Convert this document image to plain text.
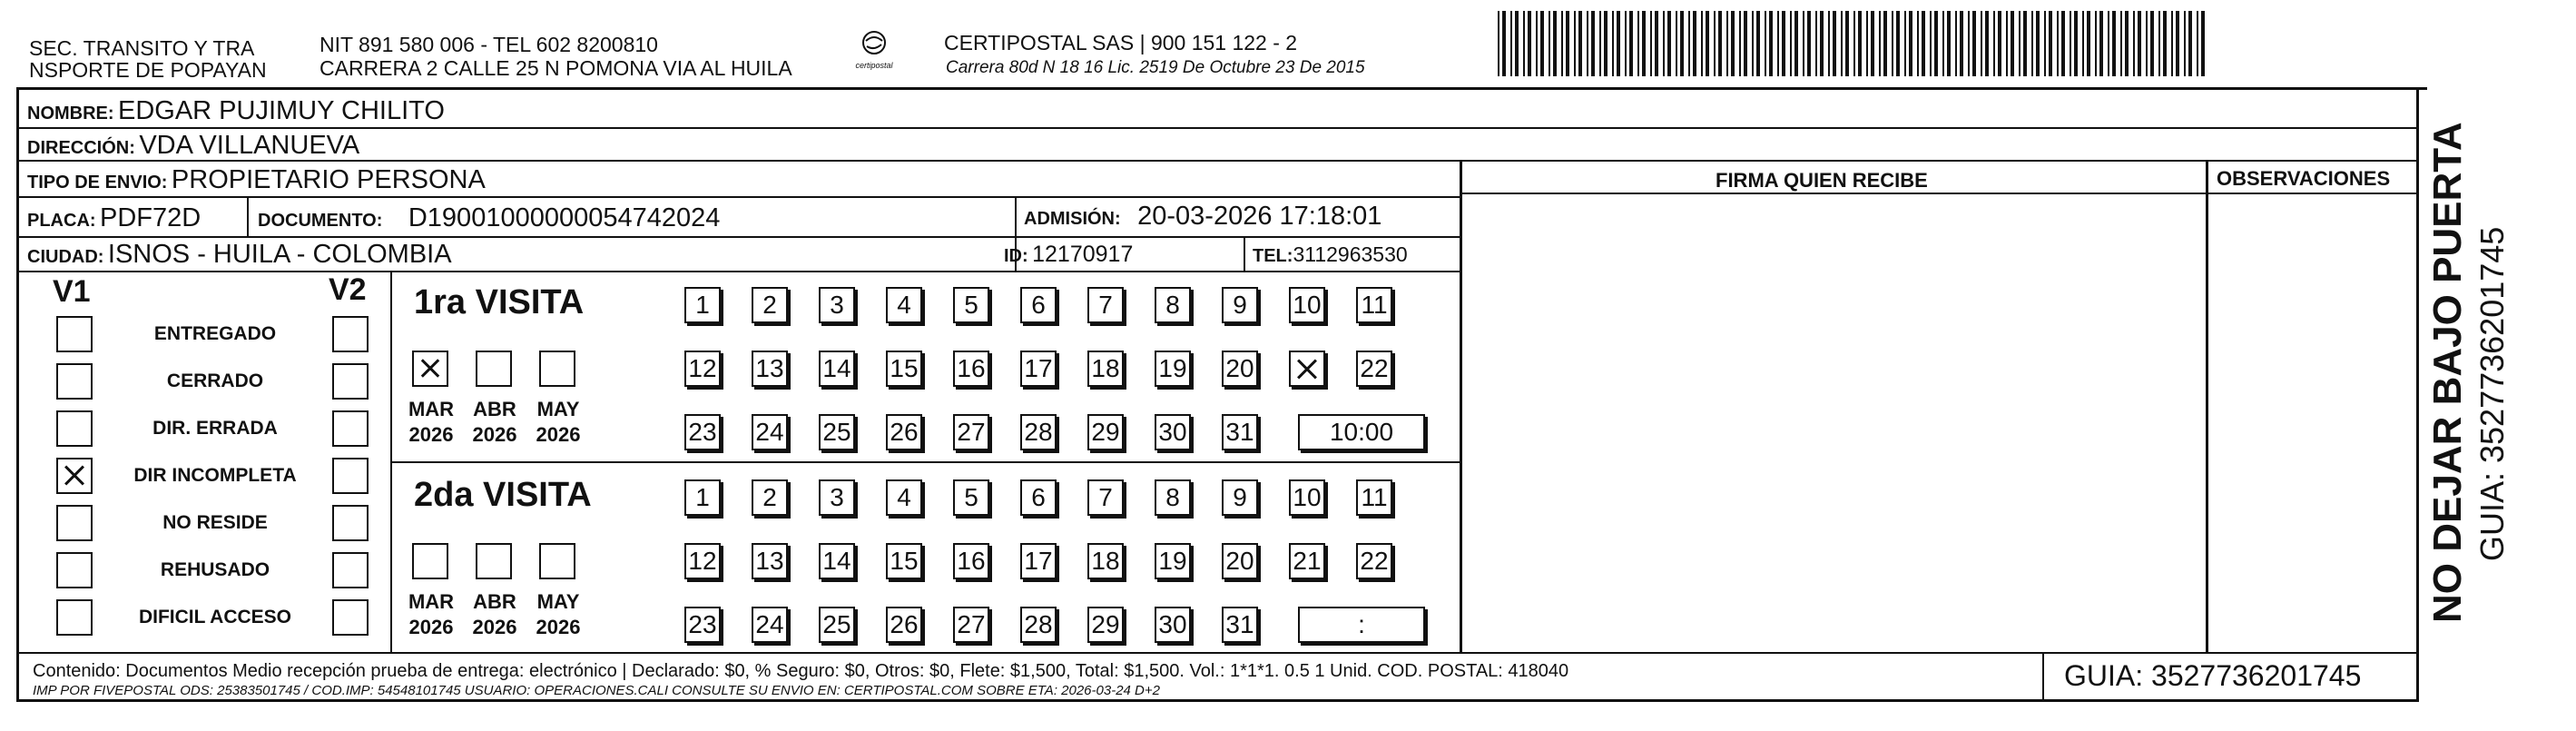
SEC. TRANSITO Y TRA
NSPORTE DE POPAYAN
NIT 891 580 006 - TEL 602 8200810
CARRERA 2 CALLE 25 N POMONA VIA AL HUILA	certipostal
CERTIPOSTAL SAS | 900 151 122 - 2
Carrera 80d N 18 16 Lic. 2519 De Octubre 23 De 2015
NOMBRE: EDGAR PUJIMUY CHILITO
DIRECCIÓN: VDA VILLANUEVA
TIPO DE ENVIO: PROPIETARIO PERSONA	FIRMA QUIEN RECIBE	OBSERVACIONES
PLACA: PDF72D	DOCUMENTO: D19001000000054742024	ADMISIÓN: 20-03-2026 17:18:01
CIUDAD: ISNOS - HUILA - COLOMBIA	ID: 12170917	TEL:3112963530
V1	V2
ENTREGADO
CERRADO
DIR. ERRADA
DIR INCOMPLETA
NO RESIDE
REHUSADO
DIFICIL ACCESO
1ra VISITA
MAR
2026
ABR
2026
MAY
2026
1	2	3	4	5	6	7	8	9	10 11
12 13 14 15 16 17 18 19 20	22
23 24 25 26 27 28 29 30 31	10:00
2da VISITA
MAR
2026
ABR
2026
MAY
2026
1	2	3	4	5	6	7	8	9	10 11
12 13 14 15 16 17 18 19 20 21 22
23 24 25 26 27 28 29 30 31	:
Contenido: Documentos Medio recepción prueba de entrega: electrónico | Declarado: $0, % Seguro: $0, Otros: $0, Flete: $1,500, Total: $1,500. Vol.: 1*1*1. 0.5 1 Unid. COD. POSTAL: 418040
IMP POR FIVEPOSTAL ODS: 25383501745 / COD.IMP: 54548101745 USUARIO: OPERACIONES.CALI CONSULTE SU ENVIO EN: CERTIPOSTAL.COM SOBRE ETA: 2026-03-24 D+2	GUIA: 3527736201745
NO DEJAR BAJO PUERTA GUIA: 3527736201745
